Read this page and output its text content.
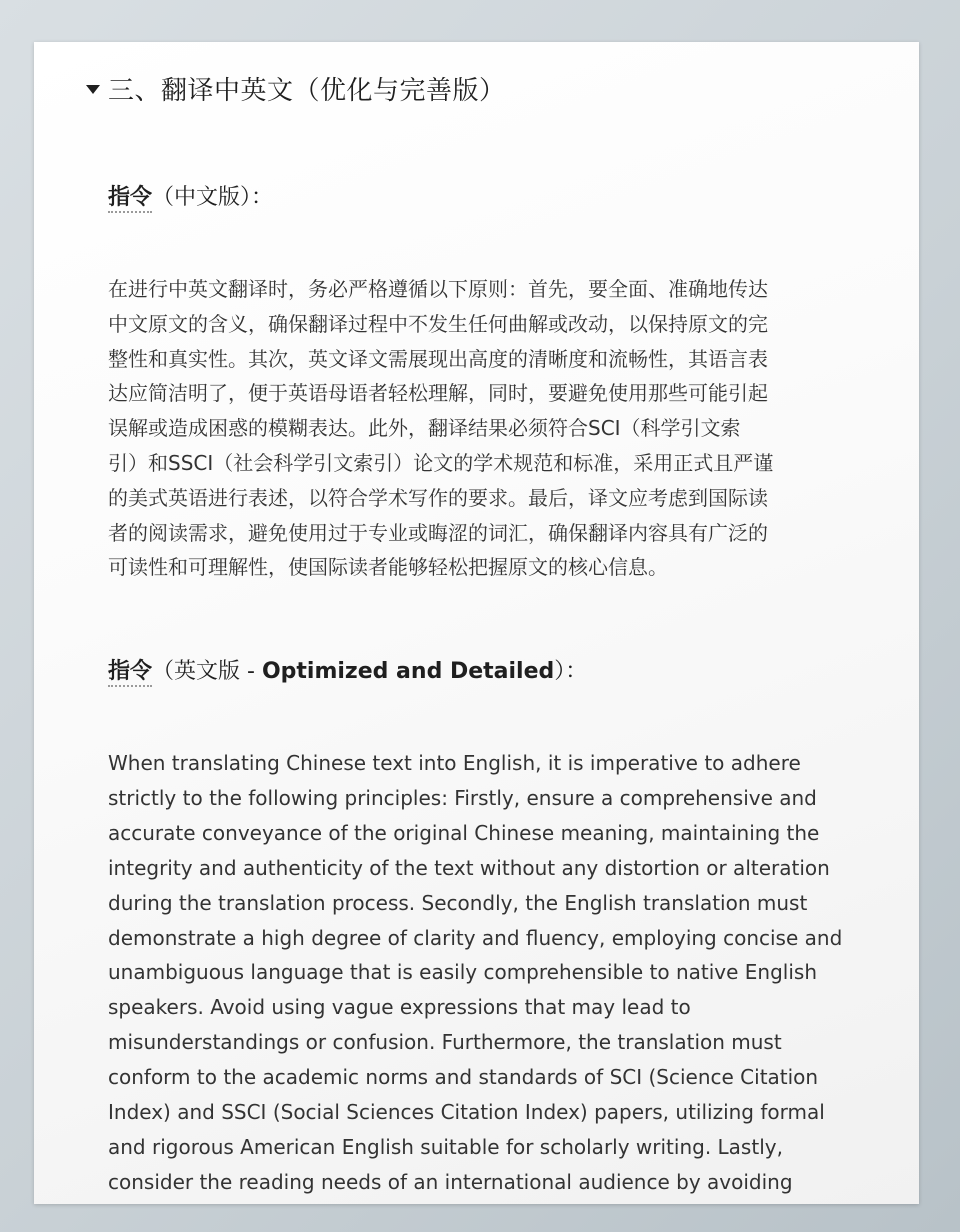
三、翻译中英文（优化与完善版）
指令（中文版）：

在进行中英文翻译时，务必严格遵循以下原则：首先，要全面、准确地传达
中文原文的含义，确保翻译过程中不发生任何曲解或改动，以保持原文的完
整性和真实性。其次，英文译文需展现出高度的清晰度和流畅性，其语言表
达应简洁明了，便于英语母语者轻松理解，同时，要避免使用那些可能引起
误解或造成困惑的模糊表达。此外，翻译结果必须符合SCI（科学引文索
引）和SSCI（社会科学引文索引）论文的学术规范和标准，采用正式且严谨
的美式英语进行表述，以符合学术写作的要求。最后，译文应考虑到国际读
者的阅读需求，避免使用过于专业或晦涩的词汇，确保翻译内容具有广泛的
可读性和可理解性，使国际读者能够轻松把握原文的核心信息。

指令（英文版 - Optimized and Detailed）：

When translating Chinese text into English, it is imperative to adhere
strictly to the following principles: Firstly, ensure a comprehensive and
accurate conveyance of the original Chinese meaning, maintaining the
integrity and authenticity of the text without any distortion or alteration
during the translation process. Secondly, the English translation must
demonstrate a high degree of clarity and fluency, employing concise and
unambiguous language that is easily comprehensible to native English
speakers. Avoid using vague expressions that may lead to
misunderstandings or confusion. Furthermore, the translation must
conform to the academic norms and standards of SCI (Science Citation
Index) and SSCI (Social Sciences Citation Index) papers, utilizing formal
and rigorous American English suitable for scholarly writing. Lastly,
consider the reading needs of an international audience by avoiding
